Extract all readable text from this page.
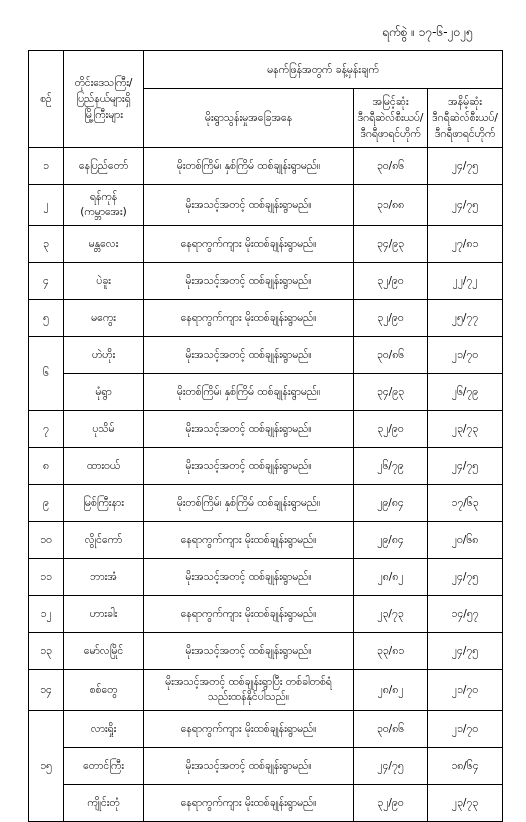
ရက်စွဲ ။ ၁၇-၆-၂၀၂၅
စဉ်	တိုင်းဒေသကြီး/
ပြည်နယ်များရှိ
မြို့ကြီးများ	မနက်ဖြန်အတွက် ခန့်မှန်းချက်		
		မိုးရွာသွန်းမှုအခြေအနေ	အမြင့်ဆုံး
ဒီဂရီဆဲလ်စီးယပ်/
ဒီဂရီဖာရင်ဟိုက်	အနိမ့်ဆုံး
ဒီဂရီဆဲလ်စီးယပ်/
ဒီဂရီဖာရင်ဟိုက်

၁	နေပြည်တော်	မိုးတစ်ကြိမ်၊ နှစ်ကြိမ် ထစ်ချုန်းရွာမည်။	၃၀/၈၆	၂၄/၇၅
၂	ရန်ကုန်
(ကမ္ဘာအေး)	မိုးအသင့်အတင့် ထစ်ချုန်းရွာမည်။	၃၁/၈၈	၂၄/၇၅
၃	မန္တလေး	နေရာကွက်ကျား မိုးထစ်ချုန်းရွာမည်။	၃၄/၉၃	၂၇/၈၁
၄	ပဲခူး	မိုးအသင့်အတင့် ထစ်ချုန်းရွာမည်။	၃၂/၉၀	၂၂/၇၂
၅	မကွေး	နေရာကွက်ကျား မိုးထစ်ချုန်းရွာမည်။	၃၂/၉၀	၂၅/၇၇
၆	ဟဲဟိုး	မိုးအသင့်အတင့် ထစ်ချုန်းရွာမည်။	၃၀/၈၆	၂၁/၇၀

	မုံရွာ	မိုးတစ်ကြိမ်၊ နှစ်ကြိမ် ထစ်ချုန်းရွာမည်။	၃၄/၉၃	၂၆/၇၉
၇	ပုသိမ်	မိုးအသင့်အတင့် ထစ်ချုန်းရွာမည်။	၃၂/၉၀	၂၃/၇၃
၈	ထားဝယ်	မိုးအသင့်အတင့် ထစ်ချုန်းရွာမည်။	၂၆/၇၉	၂၄/၇၅
၉	မြစ်ကြီးနား	မိုးတစ်ကြိမ်၊ နှစ်ကြိမ် ထစ်ချုန်းရွာမည်။	၂၉/၈၄	၁၇/၆၃
၁၀	လွိုင်ကော်	နေရာကွက်ကျား မိုးထစ်ချုန်းရွာမည်။	၂၉/၈၄	၂၀/၆၈
၁၁	ဘားအံ	မိုးအသင့်အတင့် ထစ်ချုန်းရွာမည်။	၂၈/၈၂	၂၄/၇၅
၁၂	ဟားခါး	နေရာကွက်ကျား မိုးထစ်ချုန်းရွာမည်။	၂၃/၇၃	၁၄/၅၇
၁၃	မော်လမြိုင်	မိုးအသင့်အတင့် ထစ်ချုန်းရွာမည်။	၃၃/၈၁	၂၄/၇၅
၁၄	စစ်တွေ	မိုးအသင့်အတင့် ထစ်ချုန်းရွာပြီး တစ်ခါတစ်ရံ
သည်းထန်နိုင်ပါသည်။	၂၈/၈၂	၂၁/၇၀
၁၅	လားရှိုး	နေရာကွက်ကျား မိုးထစ်ချုန်းရွာမည်။	၃၀/၈၆	၂၁/၇၀

	တောင်ကြီး	မိုးအသင့်အတင့် ထစ်ချုန်းရွာမည်။	၂၄/၇၅	၁၈/၆၄

	ကျိုင်းတုံ	နေရာကွက်ကျား မိုးထစ်ချုန်းရွာမည်။	၃၂/၉၀	၂၃/၇၃
